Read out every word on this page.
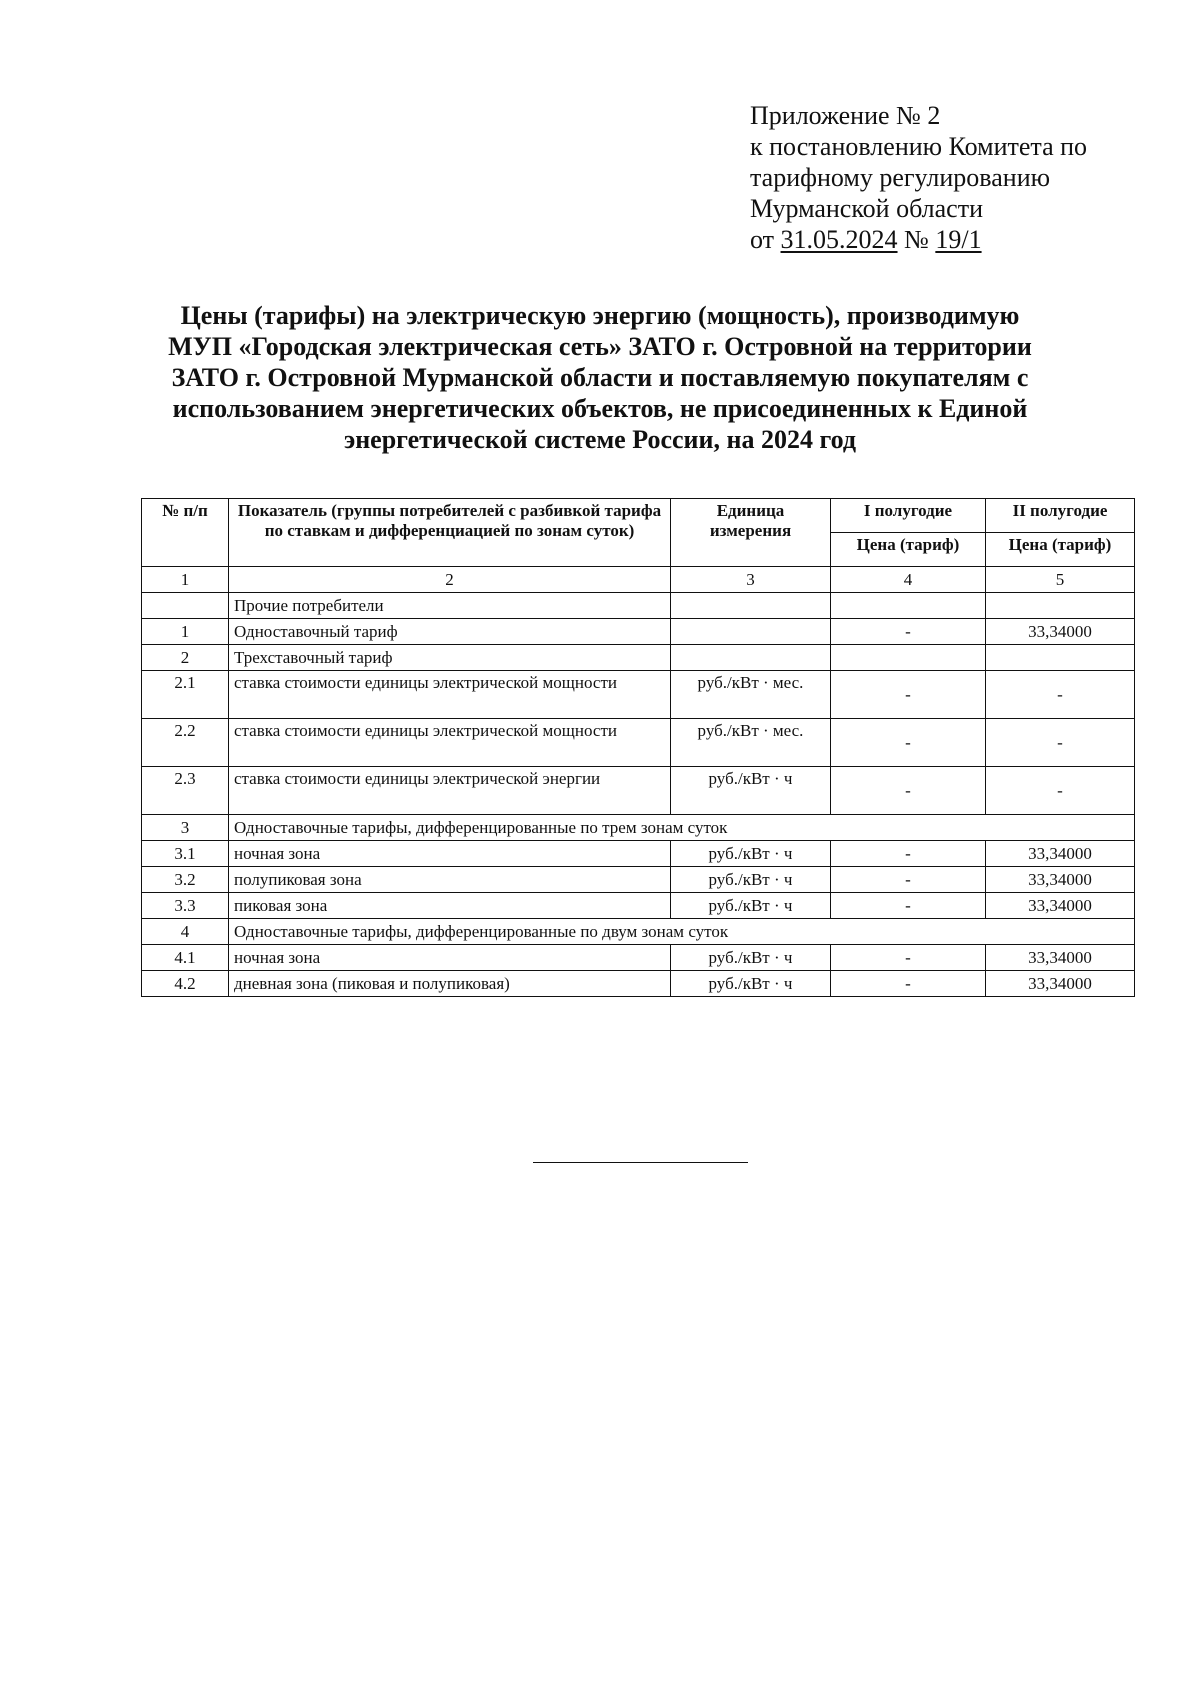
Приложение № 2
к постановлению Комитета по
тарифному регулированию
Мурманской области
от 31.05.2024 № 19/1
Цены (тарифы) на электрическую энергию (мощность), производимую
МУП «Городская электрическая сеть» ЗАТО г. Островной на территории
ЗАТО г. Островной Мурманской области и поставляемую покупателям с
использованием энергетических объектов, не присоединенных к Единой
энергетической системе России, на 2024 год
№ п/п	Показатель (группы потребителей с разбивкой тарифа по ставкам и дифференциацией по зонам суток)	Единица измерения	I полугодие	II полугодие
			Цена (тариф)	Цена (тариф)
1	2	3	4	5
	Прочие потребители			
1	Одноставочный тариф		-	33,34000
2	Трехставочный тариф			
2.1	ставка стоимости единицы электрической мощности	руб./кВт · мес.	-	-
2.2	ставка стоимости единицы электрической мощности	руб./кВт · мес.	-	-
2.3	ставка стоимости единицы электрической энергии	руб./кВт · ч	-	-
3	Одноставочные тарифы, дифференцированные по трем зонам суток			
3.1	ночная зона	руб./кВт · ч	-	33,34000
3.2	полупиковая зона	руб./кВт · ч	-	33,34000
3.3	пиковая зона	руб./кВт · ч	-	33,34000
4	Одноставочные тарифы, дифференцированные по двум зонам суток			
4.1	ночная зона	руб./кВт · ч	-	33,34000
4.2	дневная зона (пиковая и полупиковая)	руб./кВт · ч	-	33,34000
